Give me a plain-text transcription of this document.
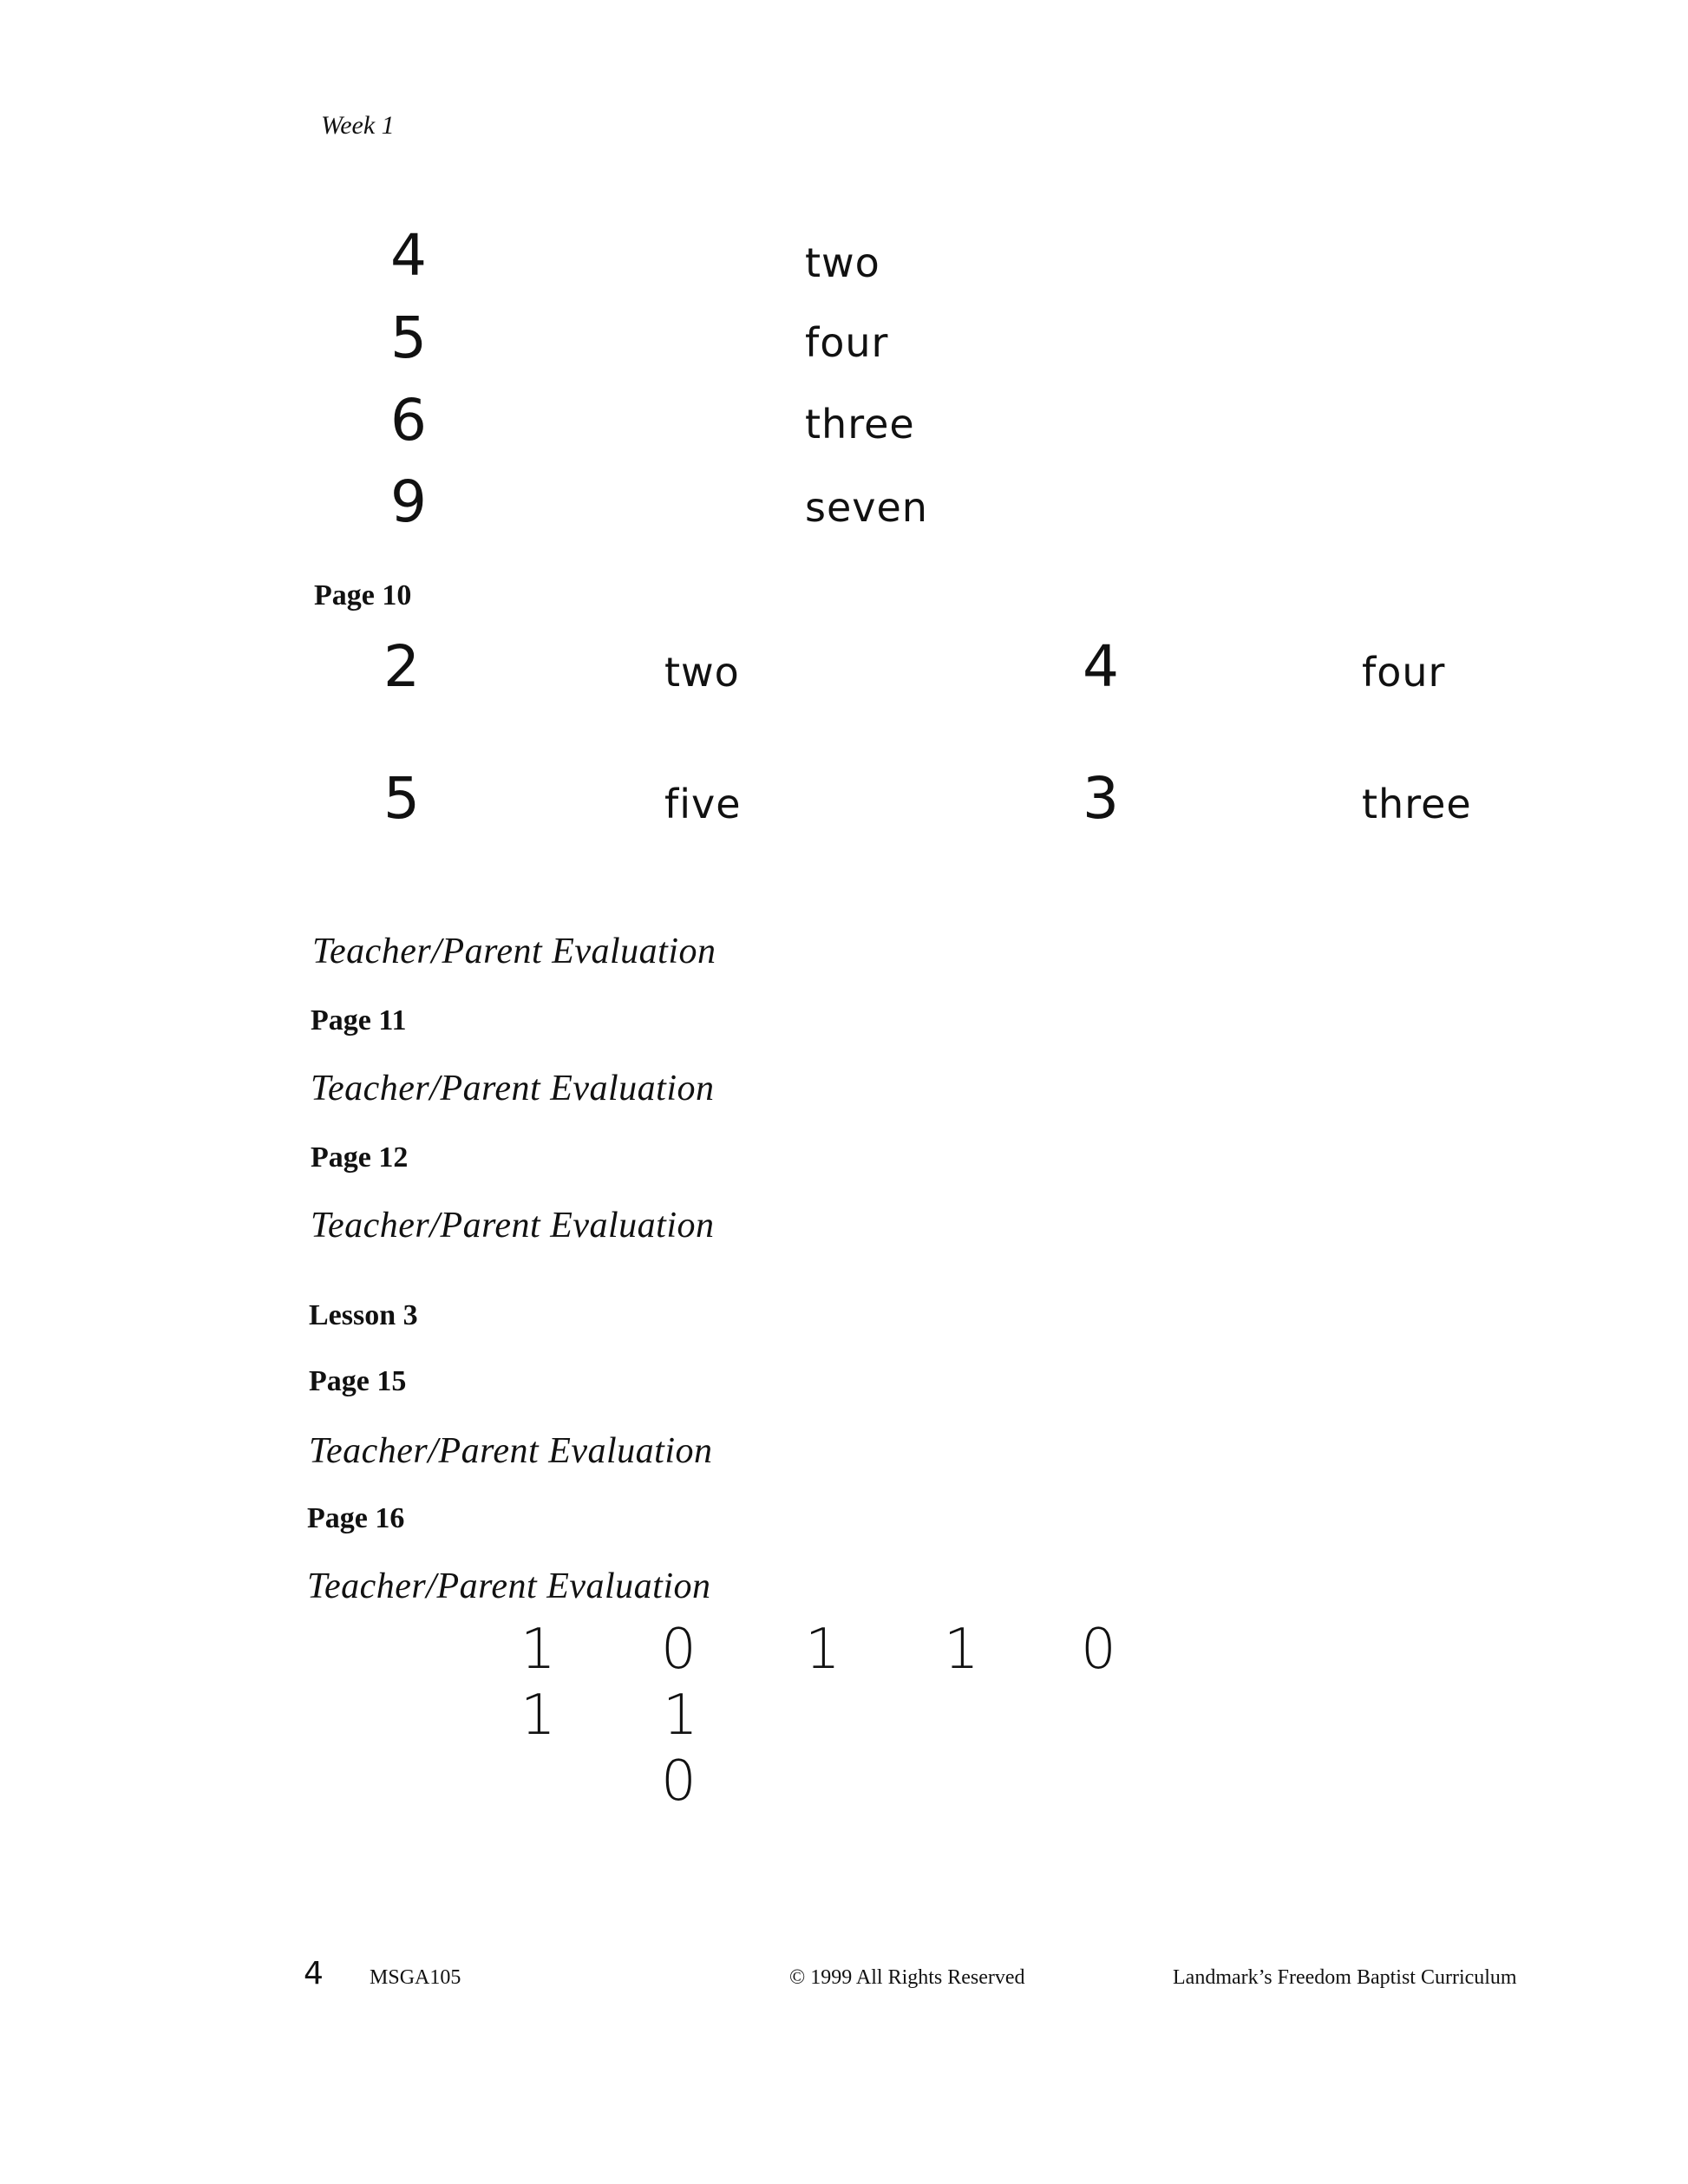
Week 1
4	two
5	four
6	three
9	seven
Page 10
2	two	4	four
5	five	3	three
Teacher/Parent Evaluation
Page 11
Teacher/Parent Evaluation
Page 12
Teacher/Parent Evaluation
Lesson 3
Page 15
Teacher/Parent Evaluation
Page 16
Teacher/Parent Evaluation
1 0 1 1 0
1 1
0
4 MSGA105	© 1999 All Rights Reserved	Landmark’s Freedom Baptist Curriculum
